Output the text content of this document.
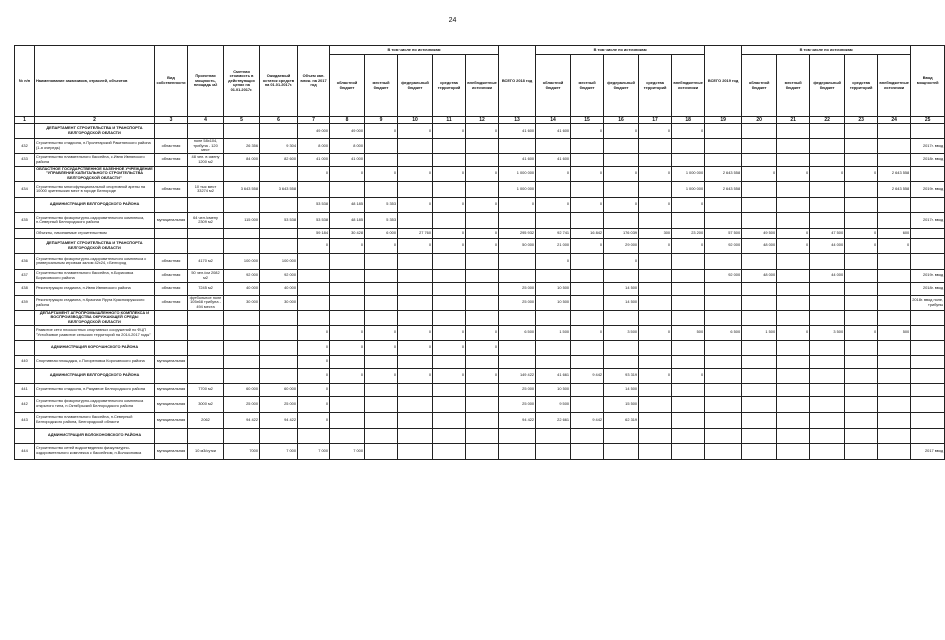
24
№ п/п	Наименование заказчиков, отраслей, объектов	Вид собственности	Проектная мощность, площадь м2	Сметная стоимость в действующих ценах на 01.01.2017г.	Ожидаемый остаток средств на 01.01.2017г.	Объем кап. влож. на 2017 год	В том числе по источникам					ВСЕГО 2018 год	В том числе по источникам					ВСЕГО 2019 год	В том числе по источникам					Ввод мощностей
							областной бюджет	местный бюджет	федеральный бюджет	средства территорий	внебюджетные источники		областной бюджет	местный бюджет	федеральный бюджет	средства территорий	внебюджетные источники		областной бюджет	местный бюджет	федеральный бюджет	средства территорий	внебюджетные источники	
1	2	3	4	5	6	7	8	9	10	11	12	13	14	15	16	17	18	19	20	21	22	23	24	25
	ДЕПАРТАМЕНТ СТРОИТЕЛЬСТВА И ТРАНСПОРТА БЕЛГОРОДСКОЙ ОБЛАСТИ					49 000	49 000	0	0	0	0	41 600	41 600	0	0	0	0							
432	Строительство стадиона, п.Пролетарский Ракитянского района (1-я очередь)	областная	поле 58х104, трибуна - 120 мест	26 356	9 304	8 000	8 000																	2017г. ввод
433	Строительство плавательного бассейна, с.Ивня Ивнянского района	областная	48 чел. в смену 1200 м2	84 000	82 600	41 000	41 000					41 600	41 600											2018г. ввод
	ОБЛАСТНОЕ ГОСУДАРСТВЕННОЕ КАЗЕННОЕ УЧРЕЖДЕНИЕ "УПРАВЛЕНИЕ КАПИТАЛЬНОГО СТРОИТЕЛЬСТВА БЕЛГОРОДСКОЙ ОБЛАСТИ"					0	0	0	0	0	0	1 000 000	0	0	0	0	1 000 000	2 643 558	0	0	0	0	2 643 558	
434	Строительство многофункциональной спортивной арены на 10000 зрительских мест в городе Белгороде	областная	10 тыс мест 33274 м2	3 643 558	3 643 558							1 000 000					1 000 000	2 643 558					2 643 558	2019г. ввод
	АДМИНИСТРАЦИЯ БЕЛГОРОДСКОГО РАЙОНА					53 538	48 185	5 353	0	0	0	0	0	0	0	0	0							
435	Строительство физкультурно-оздоровительного комплекса, п.Северный Белгородского района	муниципальная	64 чел./смену 2309 м2	115 000	53 538	53 538	48 185	5 353																2017г. ввод
	Объекты, начинаемые строительством					59 184	30 428	6 000	27 760	0	0	295 932	92 741	16 842	176 039	300	23 200	57 500	49 500	0	47 500	0	600	
	ДЕПАРТАМЕНТ СТРОИТЕЛЬСТВА И ТРАНСПОРТА БЕЛГОРОДСКОЙ ОБЛАСТИ					0	0	0	0	0	0	50 000	21 000	0	29 000	0	0	92 000	48 000	0	44 000	0	0	
436	Строительство физкультурно-оздоровительного комплекса с универсальным игровым залом 42х24, г.Белгород	областная	4170 м2	100 000	100 000								0		0									
437	Строительство плавательного бассейна, п.Борисовка Борисовского района	областная	50 чел./см 2082 м2	92 000	92 000													92 000	48 000		44 000			2019г. ввод
438	Реконструкция стадиона, п.Ивня Ивнянского района	областная	7245 м2	40 000	40 000							25 000	10 500		14 500									2018г. ввод
439	Реконструкция стадиона, п.Красная Яруга Краснояружского района	областная	футбольное поле 105х68 трибуна - 494 места	30 000	30 000							25 000	10 500		14 500									2018г. ввод поле, трибуны
	ДЕПАРТАМЕНТ АГРОПРОМЫШЛЕННОГО КОМПЛЕКСА И ВОСПРОИЗВОДСТВА ОКРУЖАЮЩЕЙ СРЕДЫ БЕЛГОРОДСКОЙ ОБЛАСТИ																							
	Развитие сети плоскостных спортивных сооружений по ФЦП "Устойчивое развитие сельских территорий на 2014-2017 годы"					0	0	0	0	0	0	6 500	1 500	0	3 500	0	500	6 500	1 500	0	3 500	0	500	
	АДМИНИСТРАЦИЯ КОРОЧАНСКОГО РАЙОНА					0	0	0	0	0	0													
440	Спортивная площадка, с.Погореловка Корочанского района	муниципальная				0																		
	АДМИНИСТРАЦИЯ БЕЛГОРОДСКОГО РАЙОНА					0	0	0	0	0	0	149 422	41 661	9 442	93 319	0	0							
441	Строительство стадиона, п.Разумное Белгородского района	муниципальная	7700 м2	60 000	60 000	0						25 000	10 500		14 500									
442	Строительство физкультурно-оздоровительного комплекса открытого типа, п.Октябрьский Белгородского района	муниципальная	3000 м2	25 000	25 000	0						25 000	9 500		15 500									
443	Строительство плавательного бассейна, п.Северный Белгородского района, Белгородской области	муниципальная	2062	94 422	94 422	0						94 422	22 661	9 442	62 319									
	АДМИНИСТРАЦИЯ ВОЛОКОНОВСКОГО РАЙОНА																							
444	Строительство сетей водоотведения физкультурно-оздоровительного комплекса с бассейном, п.Волоконовка	муниципальная	10 м3/сутки	7000	7 000	7 000	7 000																	2017 ввод
